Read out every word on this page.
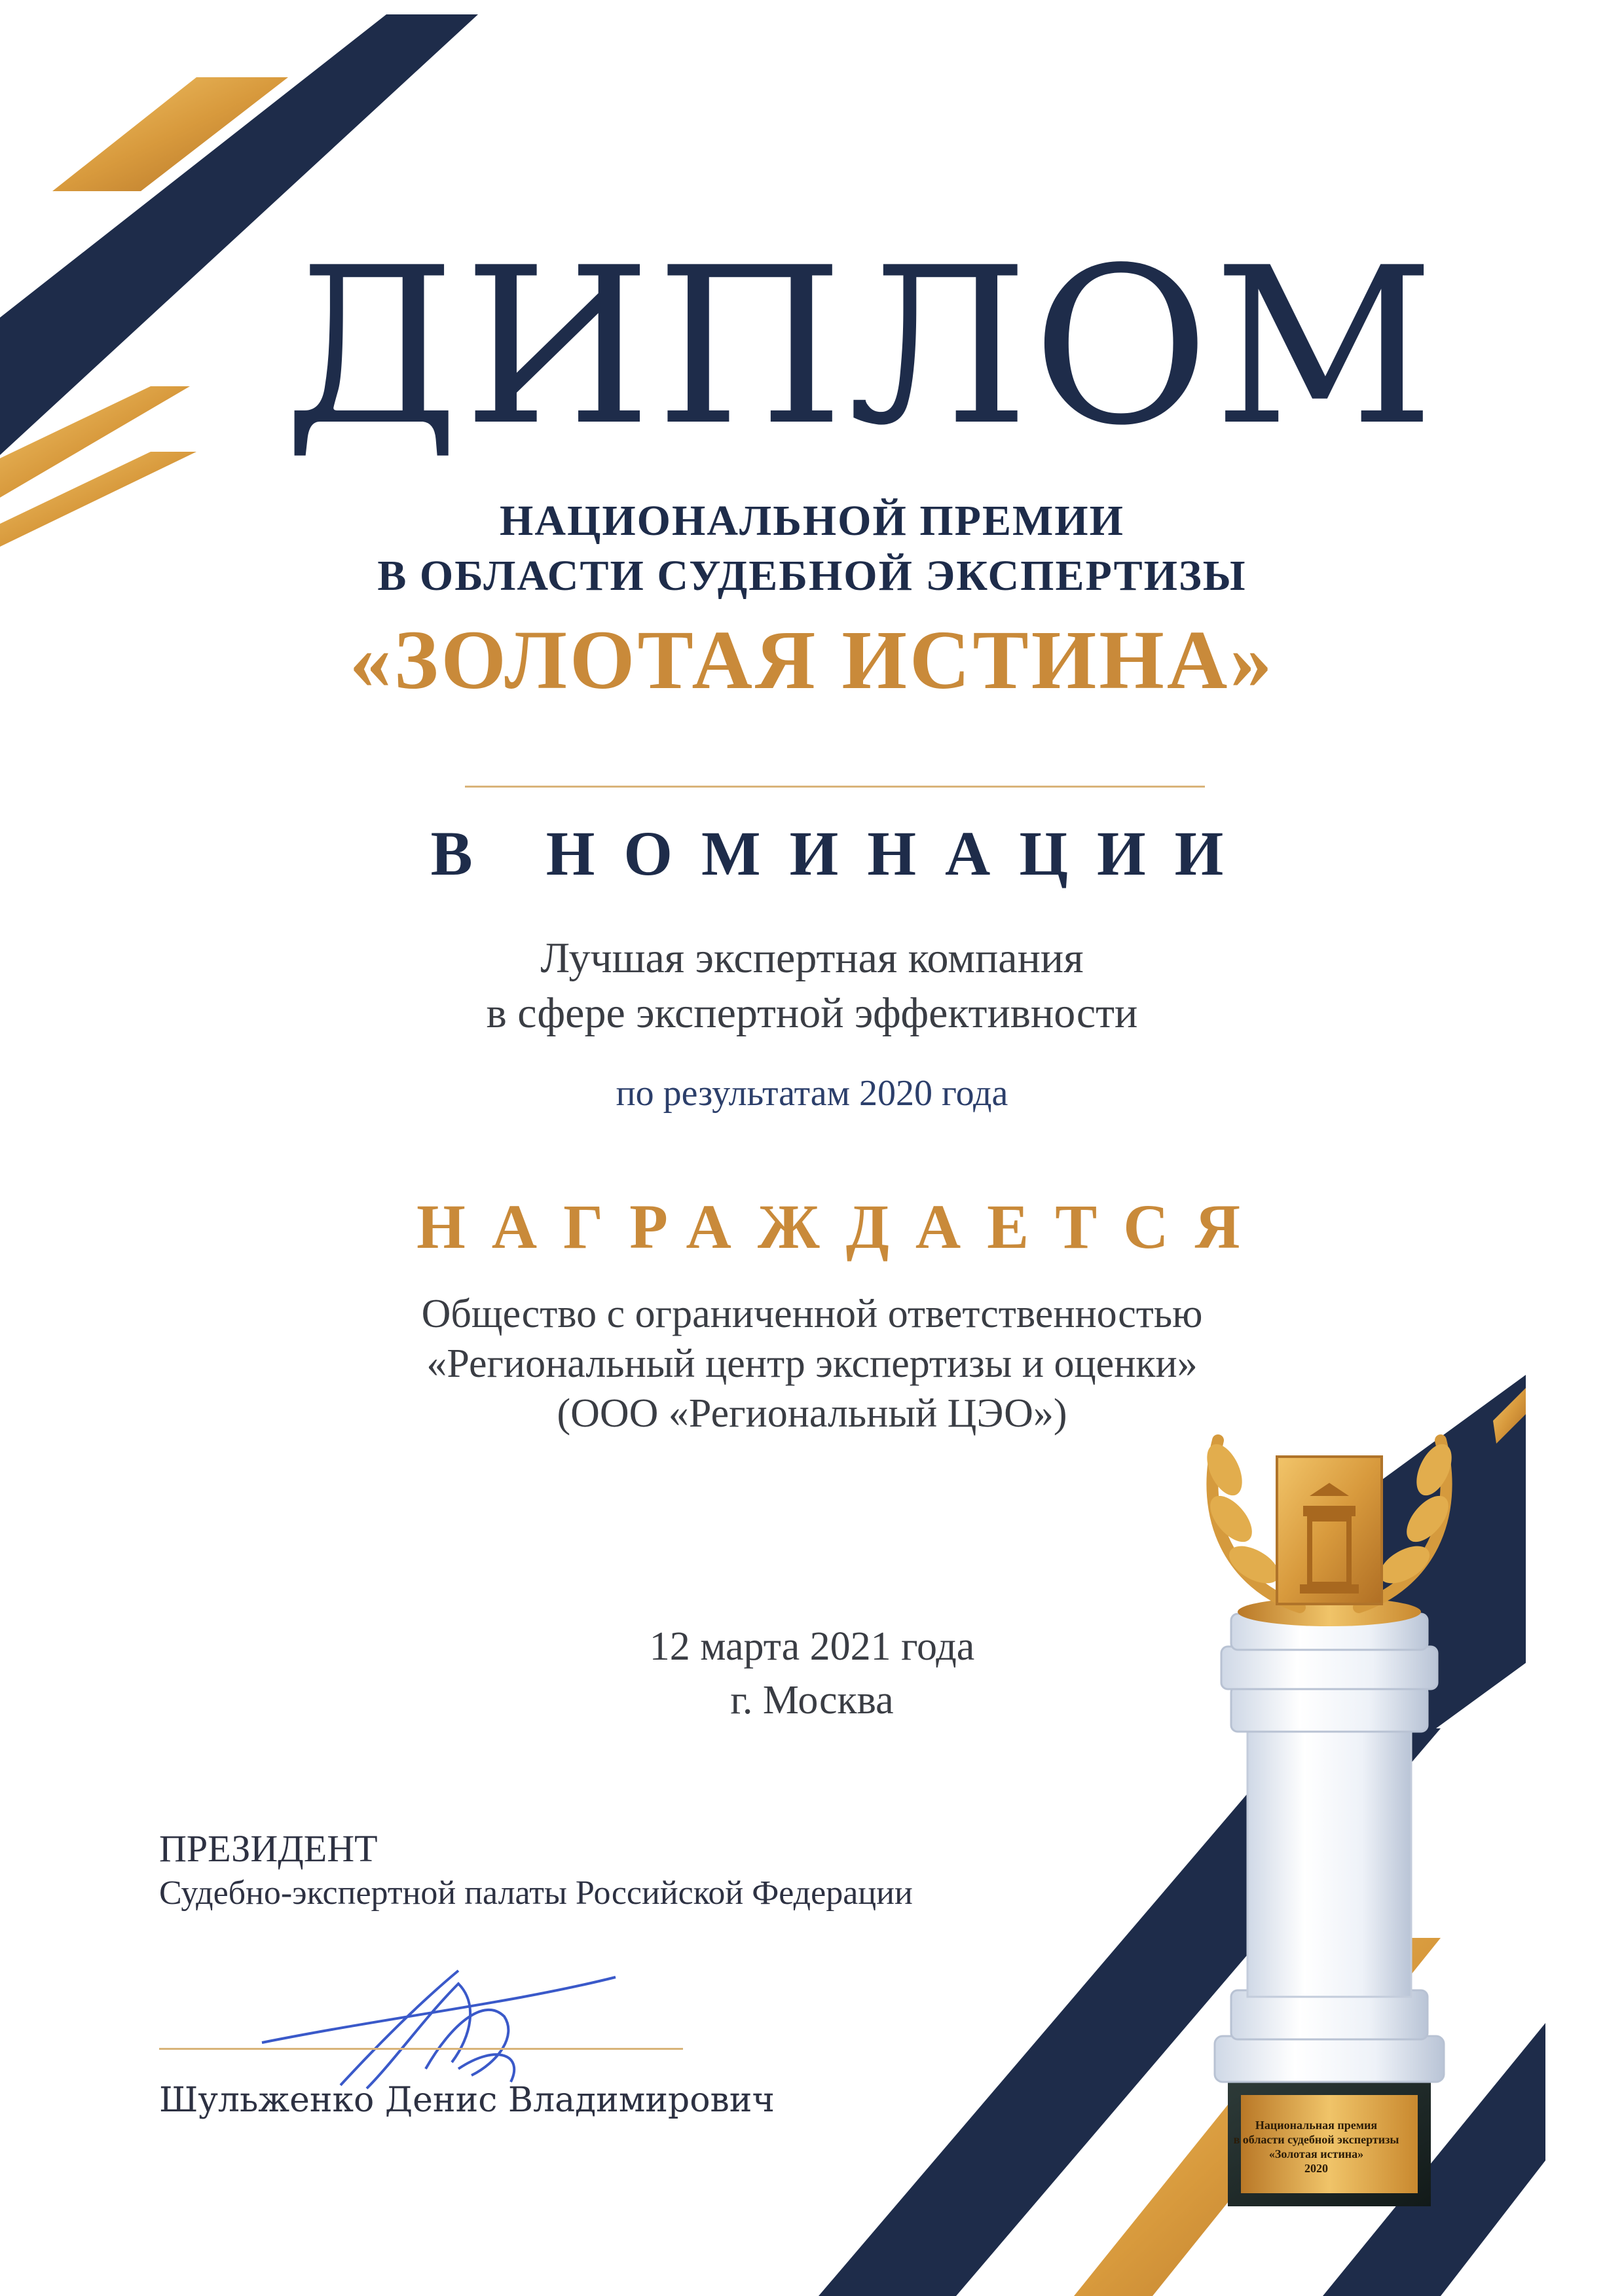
ДИПЛОМ

НАЦИОНАЛЬНОЙ ПРЕМИИ

В ОБЛАСТИ СУДЕБНОЙ ЭКСПЕРТИЗЫ

«ЗОЛОТАЯ ИСТИНА»

В НОМИНАЦИИ

Лучшая экспертная компания

в сфере экспертной эффективности

по результатам 2020 года

НАГРАЖДАЕТСЯ

Общество с ограниченной ответственностью

«Региональный центр экспертизы и оценки»

(ООО «Региональный ЦЭО»)

12 марта 2021 года

г. Москва

ПРЕЗИДЕНТ

Судебно-экспертной палаты Российской Федерации

Шульженко Денис Владимирович

Национальная премия
в области судебной экспертизы
«Золотая истина»
2020
